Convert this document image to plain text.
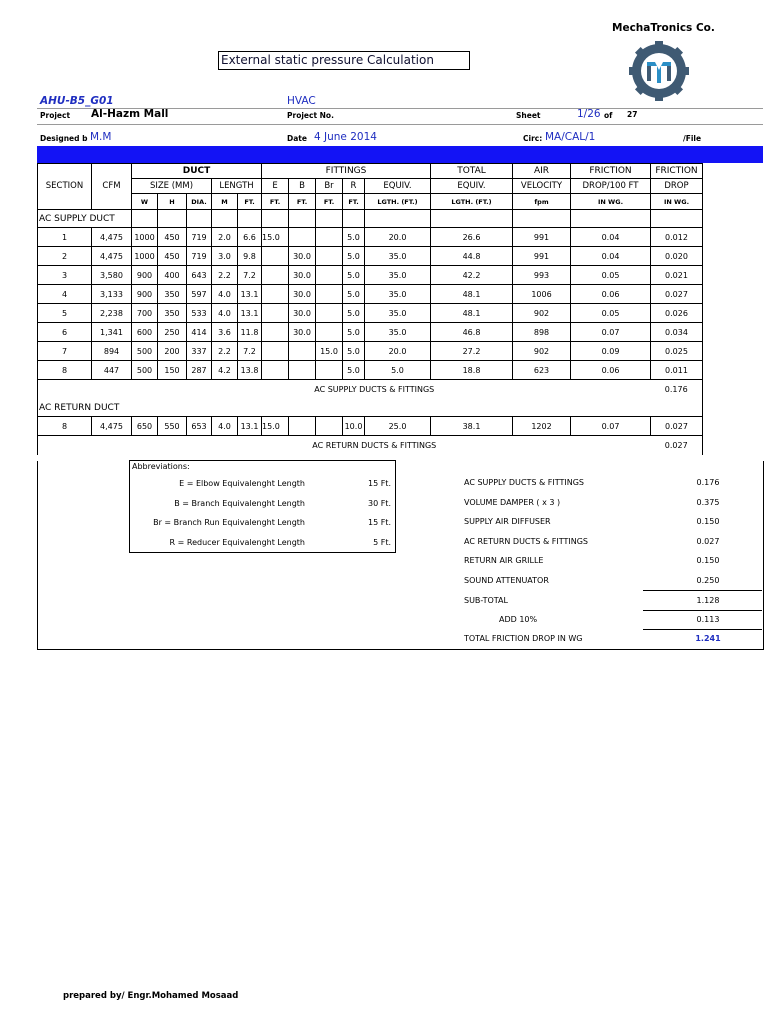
MechaTronics Co.
External static pressure Calculation
AHU-B5_G01	HVAC
Project Al-Hazm Mall	Project No.	Sheet	1/26 of 27
Designed b M.M	Date 4 June 2014	Circ: MA/CAL/1	/File
		DUCT					FITTINGS					TOTAL	AIR	FRICTION	FRICTION
SECTION	CFM	SIZE (MM)			LENGTH		E	B	Br	R	EQUIV.	EQUIV.	VELOCITY	DROP/100 FT	DROP
		W	H	DIA.	M	FT.	FT.	FT.	FT.	FT.	LGTH. (FT.)	LGTH. (FT.)	fpm	IN WG.	IN WG.
AC SUPPLY DUCT															
1	4,475	1000	450	719	2.0	6.6	15.0			5.0	20.0	26.6	991	0.04	0.012
2	4,475	1000	450	719	3.0	9.8		30.0		5.0	35.0	44.8	991	0.04	0.020
3	3,580	900	400	643	2.2	7.2		30.0		5.0	35.0	42.2	993	0.05	0.021
4	3,133	900	350	597	4.0	13.1		30.0		5.0	35.0	48.1	1006	0.06	0.027
5	2,238	700	350	533	4.0	13.1		30.0		5.0	35.0	48.1	902	0.05	0.026
6	1,341	600	250	414	3.6	11.8		30.0		5.0	35.0	46.8	898	0.07	0.034
7	894	500	200	337	2.2	7.2			15.0	5.0	20.0	27.2	902	0.09	0.025
8	447	500	150	287	4.2	13.8				5.0	5.0	18.8	623	0.06	0.011
AC SUPPLY DUCTS & FITTINGS															0.176
AC RETURN DUCT															
8	4,475	650	550	653	4.0	13.1	15.0			10.0	25.0	38.1	1202	0.07	0.027
AC RETURN DUCTS & FITTINGS															0.027
Abbreviations:
E = Elbow Equivalenght Length	15 Ft.
B = Branch Equivalenght Length	30 Ft.
Br = Branch Run Equivalenght Length	15 Ft.
R = Reducer Equivalenght Length	5 Ft.
AC SUPPLY DUCTS & FITTINGS	0.176
VOLUME DAMPER ( x 3 )	0.375
SUPPLY AIR DIFFUSER	0.150
AC RETURN DUCTS & FITTINGS	0.027
RETURN AIR GRILLE	0.150
SOUND ATTENUATOR	0.250
SUB-TOTAL	1.128
ADD 10%	0.113
TOTAL FRICTION DROP IN WG	1.241
prepared by/ Engr.Mohamed Mosaad
